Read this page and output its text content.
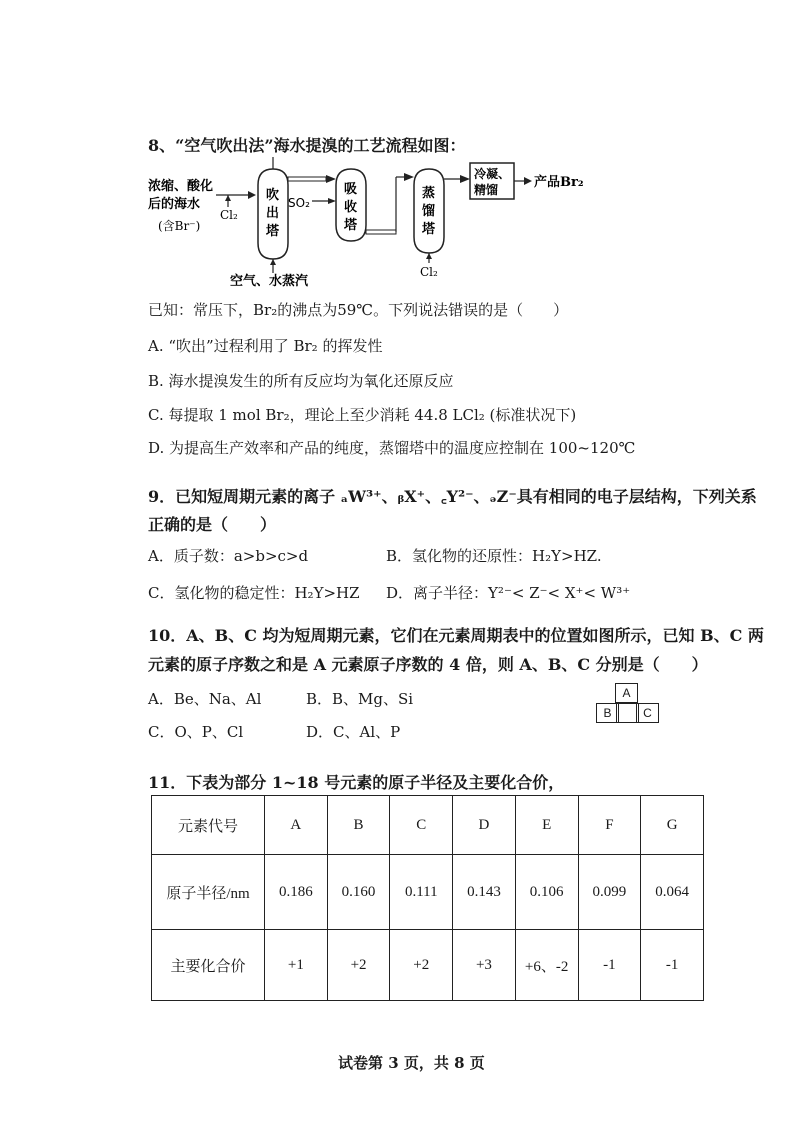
8、“空气吹出法”海水提溴的工艺流程如图：
浓缩、酸化
后的海水
(含Br⁻)
Cl₂
吹
出
塔
空气、水蒸汽
SO₂
吸
收
塔
蒸
馏
塔
Cl₂
冷凝、
精馏	产品Br₂
已知：常压下，Br₂的沸点为59℃。下列说法错误的是（　　）
A. “吹出”过程利用了 Br₂ 的挥发性
B. 海水提溴发生的所有反应均为氧化还原反应
C. 每提取 1 mol Br₂，理论上至少消耗 44.8 LCl₂ (标准状况下)
D. 为提高生产效率和产品的纯度，蒸馏塔中的温度应控制在 100~120℃
9．已知短周期元素的离子 ₐW³⁺、ᵦX⁺、꜀Y²⁻、ₔZ⁻具有相同的电子层结构，下列关系
正确的是（　　）
A．质子数：a>b>c>d	B．氢化物的还原性：H₂Y>HZ.
C．氢化物的稳定性：H₂Y>HZ D．离子半径：Y²⁻< Z⁻< X⁺< W³⁺
10．A、B、C 均为短周期元素，它们在元素周期表中的位置如图所示，已知 B、C 两
元素的原子序数之和是 A 元素原子序数的 4 倍，则 A、B、C 分别是（　　）
A．Be、Na、Al	B．B、Mg、Si
C．O、P、Cl	D．C、Al、P
A
B	C
11．下表为部分 1~18 号元素的原子半径及主要化合价，
元素代号	A	B	C	D	E	F	G
原子半径/nm	0.186	0.160	0.111	0.143	0.106	0.099	0.064
主要化合价	+1	+2	+2	+3	+6、-2	-1	-1
试卷第 3 页，共 8 页
